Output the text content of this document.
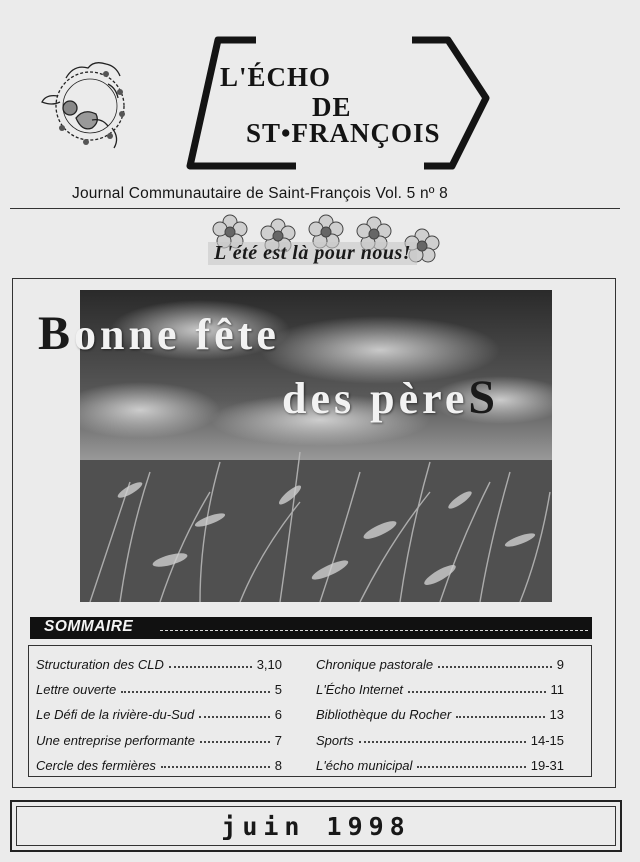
L'ÉCHO
DE
ST•FRANÇOIS
Journal Communautaire de Saint-François Vol. 5 nº 8
L'été est là pour nous!
Bonne fête
des pèreS
SOMMAIRE
Structuration des CLD	3,10
Lettre ouverte	5
Le Défi de la rivière-du-Sud	6
Une entreprise performante	7
Cercle des fermières	8
Chronique pastorale	9
L'Écho Internet	11
Bibliothèque du Rocher	13
Sports	14-15
L'écho municipal	19-31
juin 1998
